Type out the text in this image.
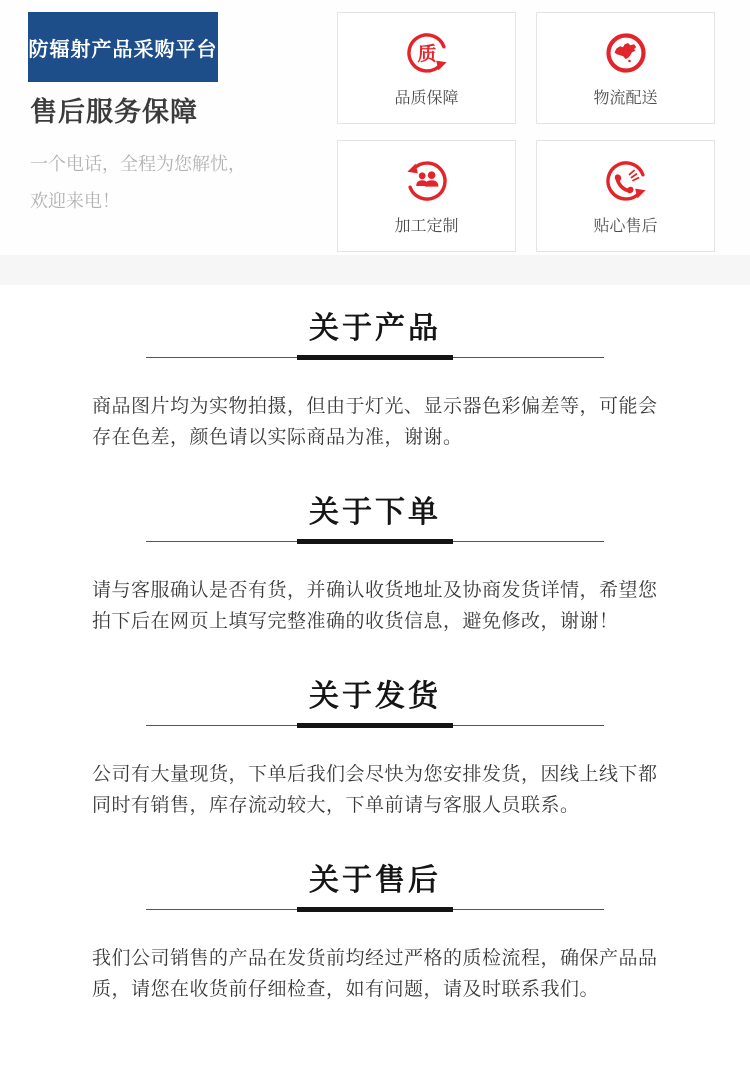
防辐射产品采购平台
售后服务保障
一个电话，全程为您解忧，
欢迎来电！
质
品质保障	物流配送
加工定制	贴心售后
关于产品
商品图片均为实物拍摄，但由于灯光、显示器色彩偏差等，可能会存在色差，颜色请以实际商品为准，谢谢。
关于下单
请与客服确认是否有货，并确认收货地址及协商发货详情，希望您拍下后在网页上填写完整准确的收货信息，避免修改，谢谢！
关于发货
公司有大量现货，下单后我们会尽快为您安排发货，因线上线下都同时有销售，库存流动较大，下单前请与客服人员联系。
关于售后
我们公司销售的产品在发货前均经过严格的质检流程，确保产品品质，请您在收货前仔细检查，如有问题，请及时联系我们。
